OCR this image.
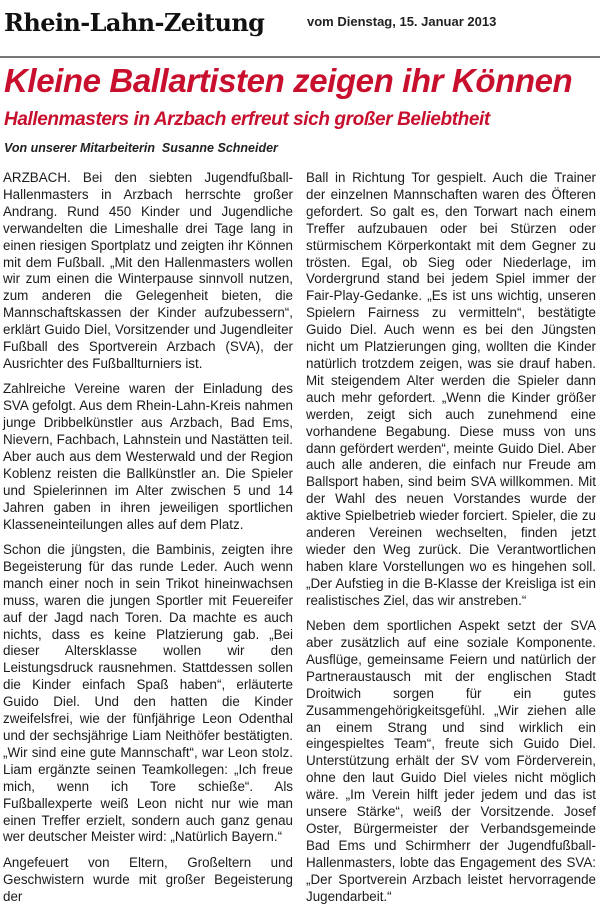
Rhein-Lahn-Zeitung	vom Dienstag, 15. Januar 2013
Kleine Ballartisten zeigen ihr Können
Hallenmasters in Arzbach erfreut sich großer Beliebtheit
Von unserer Mitarbeiterin  Susanne Schneider

ARZBACH. Bei den siebten Jugendfußball-Hallenmasters in Arzbach herrschte großer Andrang. Rund 450 Kinder und Jugendliche verwandelten die Limeshalle drei Tage lang in einen riesigen Sportplatz und zeigten ihr Können mit dem Fußball. „Mit den Hallenmasters wollen wir zum einen die Winterpause sinnvoll nutzen, zum anderen die Gelegenheit bieten, die Mannschaftskassen der Kinder aufzubessern“, erklärt Guido Diel, Vorsitzender und Jugendleiter Fußball des Sportverein Arzbach (SVA), der Ausrichter des Fußballturniers ist.

Zahlreiche Vereine waren der Einladung des SVA gefolgt. Aus dem Rhein-Lahn-Kreis nahmen junge Dribbelkünstler aus Arzbach, Bad Ems, Nievern, Fachbach, Lahnstein und Nastätten teil. Aber auch aus dem Westerwald und der Region Koblenz reisten die Ballkünstler an. Die Spieler und Spielerinnen im Alter zwischen 5 und 14 Jahren gaben in ihren jeweiligen sportlichen Klasseneinteilungen alles auf dem Platz.

Schon die jüngsten, die Bambinis, zeigten ihre Begeisterung für das runde Leder. Auch wenn manch einer noch in sein Trikot hineinwachsen muss, waren die jungen Sportler mit Feuereifer auf der Jagd nach Toren. Da machte es auch nichts, dass es keine Platzierung gab. „Bei dieser Altersklasse wollen wir den Leistungsdruck rausnehmen. Stattdessen sollen die Kinder einfach Spaß haben“, erläuterte Guido Diel. Und den hatten die Kinder zweifelsfrei, wie der fünfjährige Leon Odenthal und der sechsjährige Liam Neithöfer bestätigten. „Wir sind eine gute Mannschaft“, war Leon stolz. Liam ergänzte seinen Teamkollegen: „Ich freue mich, wenn ich Tore schieße“. Als Fußballexperte weiß Leon nicht nur wie man einen Treffer erzielt, sondern auch ganz genau wer deutscher Meister wird: „Natürlich Bayern.“

Angefeuert von Eltern, Großeltern und Geschwistern wurde mit großer Begeisterung der

Ball in Richtung Tor gespielt. Auch die Trainer der einzelnen Mannschaften waren des Öfteren gefordert. So galt es, den Torwart nach einem Treffer aufzubauen oder bei Stürzen oder stürmischem Körperkontakt mit dem Gegner zu trösten. Egal, ob Sieg oder Niederlage, im Vordergrund stand bei jedem Spiel immer der Fair-Play-Gedanke. „Es ist uns wichtig, unseren Spielern Fairness zu vermitteln“, bestätigte Guido Diel. Auch wenn es bei den Jüngsten nicht um Platzierungen ging, wollten die Kinder natürlich trotzdem zeigen, was sie drauf haben. Mit steigendem Alter werden die Spieler dann auch mehr gefordert. „Wenn die Kinder größer werden, zeigt sich auch zunehmend eine vorhandene Begabung. Diese muss von uns dann gefördert werden“, meinte Guido Diel. Aber auch alle anderen, die einfach nur Freude am Ballsport haben, sind beim SVA willkommen. Mit der Wahl des neuen Vorstandes wurde der aktive Spielbetrieb wieder forciert. Spieler, die zu anderen Vereinen wechselten, finden jetzt wieder den Weg zurück. Die Verantwortlichen haben klare Vorstellungen wo es hingehen soll. „Der Aufstieg in die B-Klasse der Kreisliga ist ein realistisches Ziel, das wir anstreben.“

Neben dem sportlichen Aspekt setzt der SVA aber zusätzlich auf eine soziale Komponente. Ausflüge, gemeinsame Feiern und natürlich der Partneraustausch mit der englischen Stadt Droitwich sorgen für ein gutes Zusammengehörigkeitsgefühl. „Wir ziehen alle an einem Strang und sind wirklich ein eingespieltes Team“, freute sich Guido Diel. Unterstützung erhält der SV vom Förderverein, ohne den laut Guido Diel vieles nicht möglich wäre. „Im Verein hilft jeder jedem und das ist unsere Stärke“, weiß der Vorsitzende. Josef Oster, Bürgermeister der Verbandsgemeinde Bad Ems und Schirmherr der Jugendfußball-Hallenmasters, lobte das Engagement des SVA: „Der Sportverein Arzbach leistet hervorragende Jugendarbeit.“
